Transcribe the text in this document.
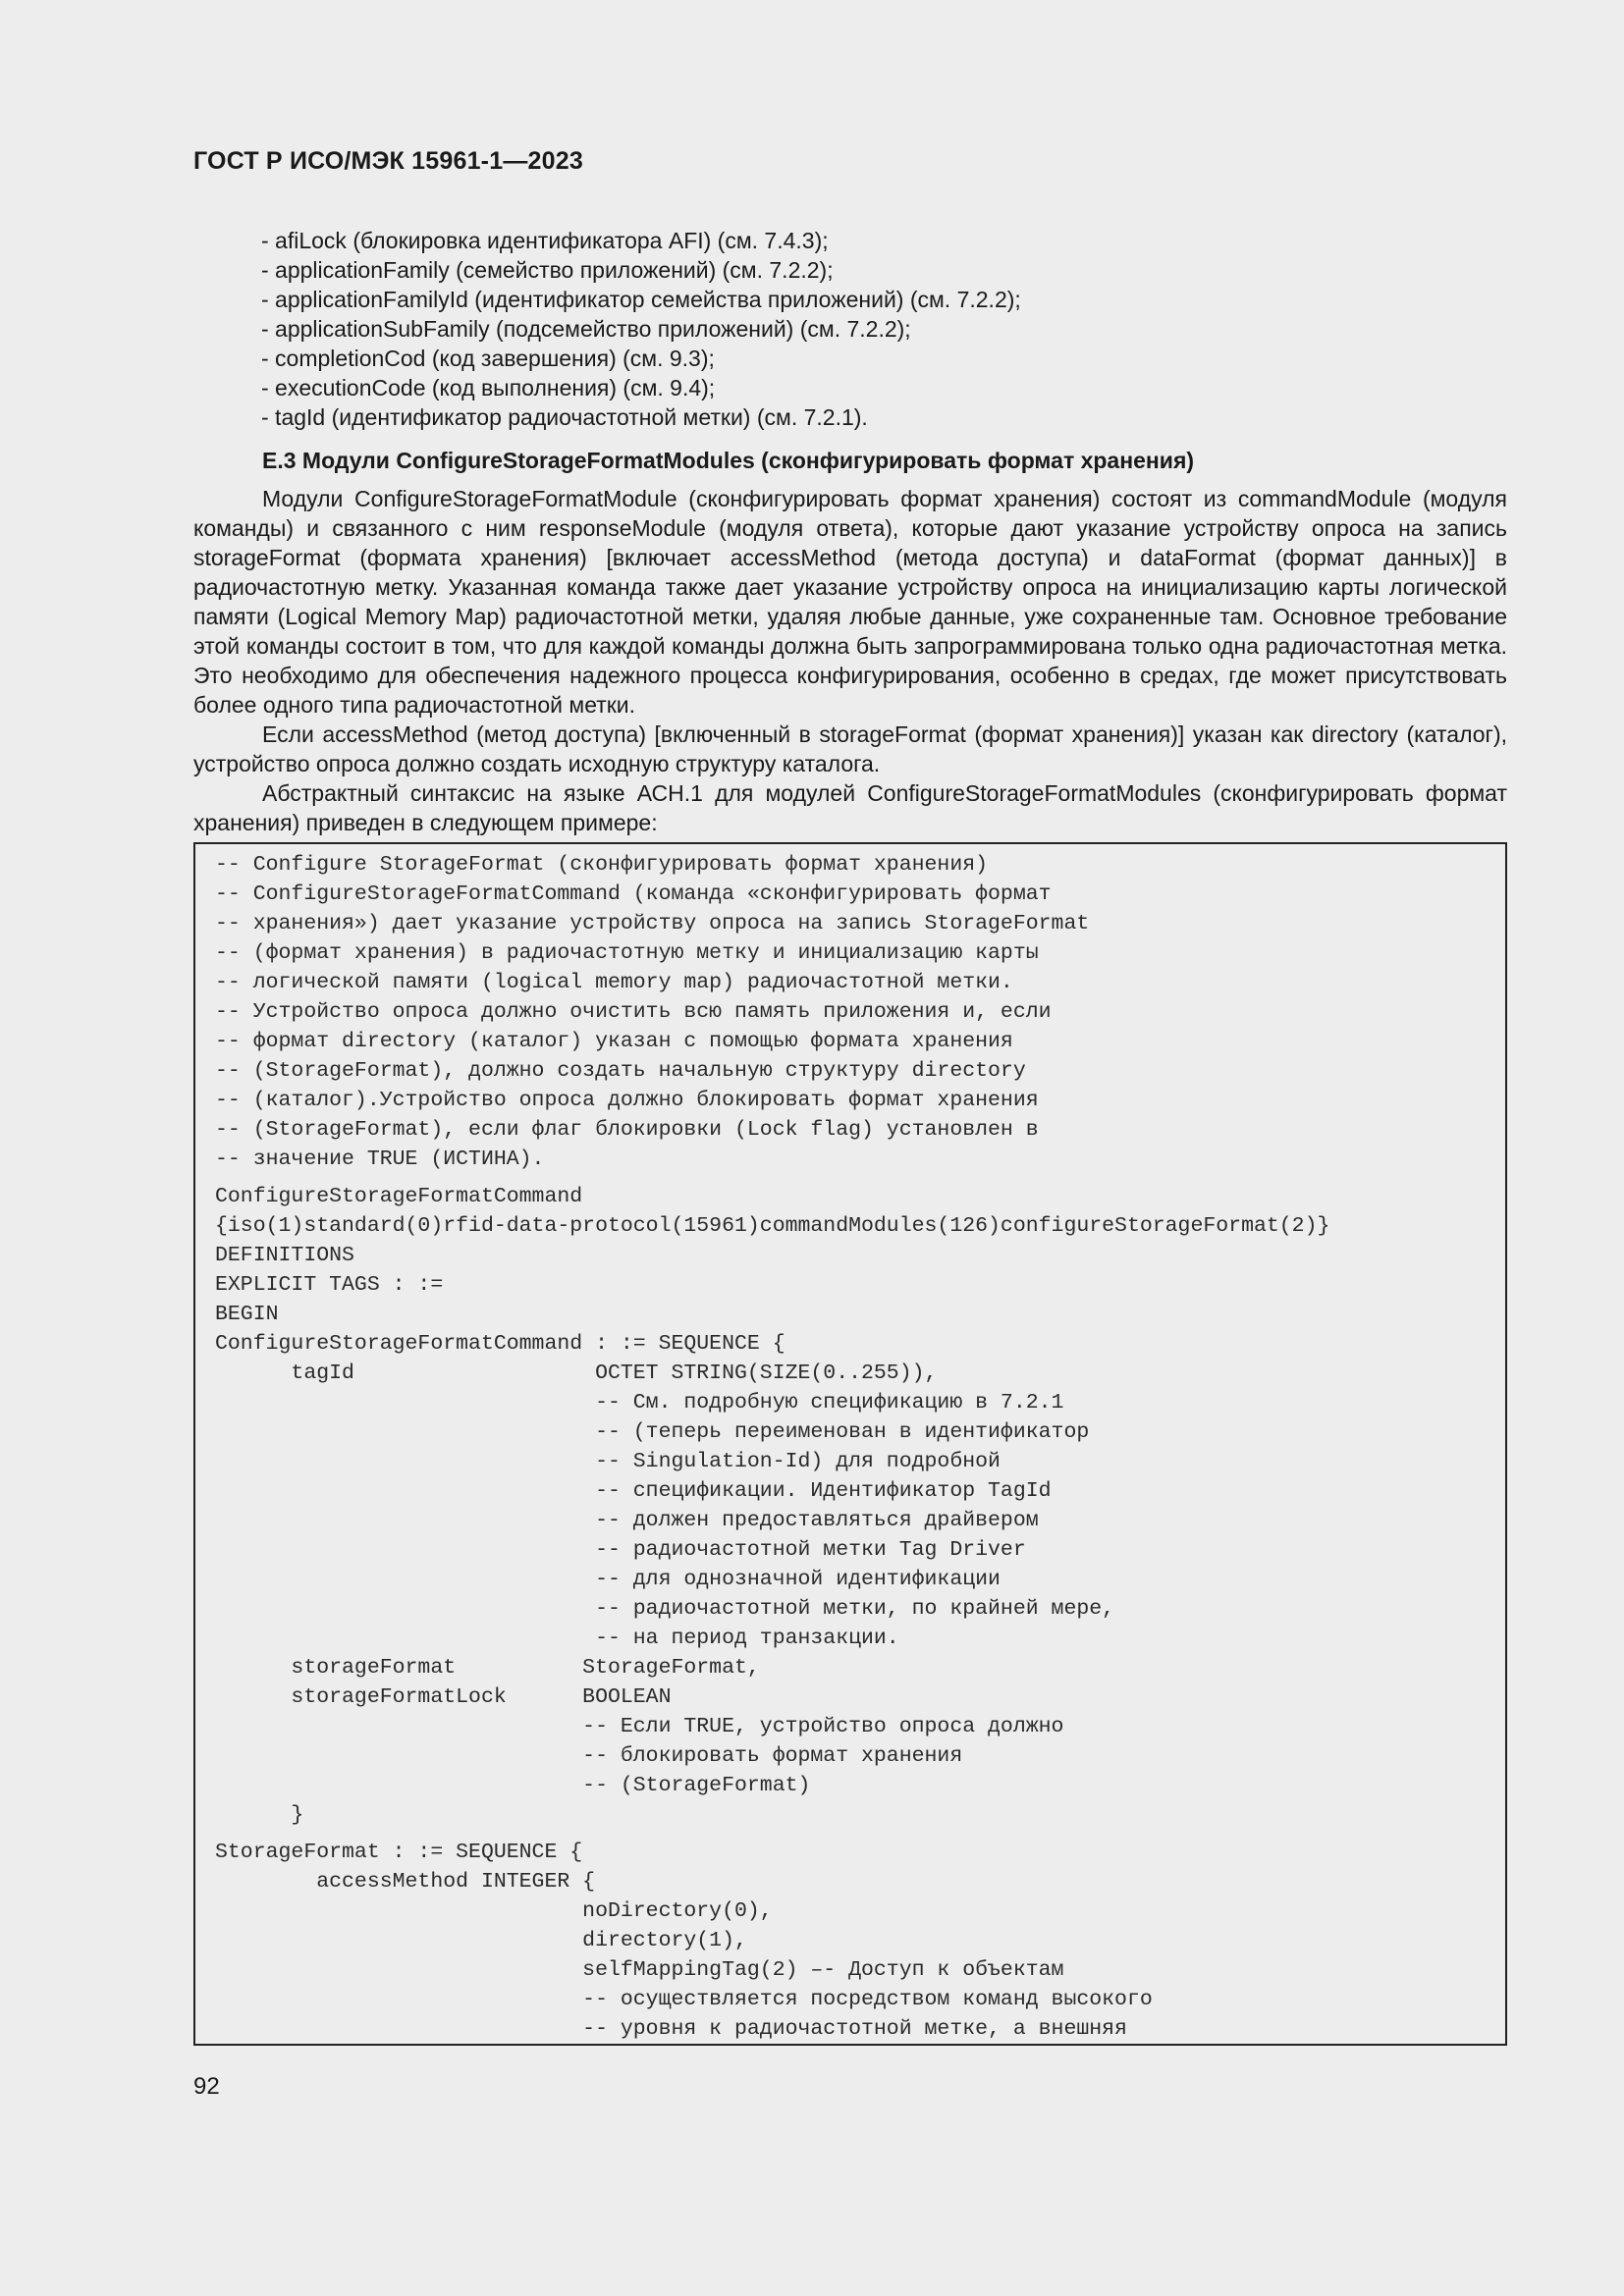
ГОСТ Р ИСО/МЭК 15961-1—2023
- afiLock (блокировка идентификатора AFI) (см. 7.4.3);
- applicationFamily (семейство приложений) (см. 7.2.2);
- applicationFamilyId (идентификатор семейства приложений) (см. 7.2.2);
- applicationSubFamily (подсемейство приложений) (см. 7.2.2);
- completionCod (код завершения) (см. 9.3);
- executionCode (код выполнения) (см. 9.4);
- tagId (идентификатор радиочастотной метки) (см. 7.2.1).
Е.3 Модули ConfigureStorageFormatModules (сконфигурировать формат хранения)

Модули ConfigureStorageFormatModule (сконфигурировать формат хранения) состоят из commandModule (модуля команды) и связанного с ним responseModule (модуля ответа), которые дают указание устройству опроса на запись storageFormat (формата хранения) [включает accessMethod (метода доступа) и dataFormat (формат данных)] в радиочастотную метку. Указанная команда также дает указание устройству опроса на инициализацию карты логической памяти (Logical Memory Map) радиочастотной метки, удаляя любые данные, уже сохраненные там. Основное требование этой команды состоит в том, что для каждой команды должна быть запрограммирована только одна радиочастотная метка. Это необходимо для обеспечения надежного процесса конфигурирования, особенно в средах, где может присутствовать более одного типа радиочастотной метки.

Если accessMethod (метод доступа) [включенный в storageFormat (формат хранения)] указан как directory (каталог), устройство опроса должно создать исходную структуру каталога.

Абстрактный синтаксис на языке АСН.1 для модулей ConfigureStorageFormatModules (сконфигурировать формат хранения) приведен в следующем примере:

-- Configure StorageFormat (сконфигурировать формат хранения)
-- ConfigureStorageFormatCommand (команда «сконфигурировать формат
-- хранения») дает указание устройству опроса на запись StorageFormat
-- (формат хранения) в радиочастотную метку и инициализацию карты
-- логической памяти (logical memory map) радиочастотной метки.
-- Устройство опроса должно очистить всю память приложения и, если
-- формат directory (каталог) указан с помощью формата хранения
-- (StorageFormat), должно создать начальную структуру directory
-- (каталог).Устройство опроса должно блокировать формат хранения
-- (StorageFormat), если флаг блокировки (Lock flag) установлен в
-- значение TRUE (ИСТИНА).
ConfigureStorageFormatCommand
{iso(1)standard(0)rfid-data-protocol(15961)commandModules(126)configureStorageFormat(2)}
DEFINITIONS
EXPLICIT TAGS : :=
BEGIN
ConfigureStorageFormatCommand : := SEQUENCE {
tagId                   OCTET STRING(SIZE(0..255)),
-- См. подробную спецификацию в 7.2.1
-- (теперь переименован в идентификатор
-- Singulation-Id) для подробной
-- спецификации. Идентификатор TagId
-- должен предоставляться драйвером
-- радиочастотной метки Tag Driver
-- для однозначной идентификации
-- радиочастотной метки, по крайней мере,
-- на период транзакции.
storageFormat          StorageFormat,
storageFormatLock      BOOLEAN
-- Если TRUE, устройство опроса должно
-- блокировать формат хранения
-- (StorageFormat)
}
StorageFormat : := SEQUENCE {
accessMethod INTEGER {
noDirectory(0),
directory(1),
selfMappingTag(2) –- Доступ к объектам
-- осуществляется посредством команд высокого
-- уровня к радиочастотной метке, а внешняя
92
